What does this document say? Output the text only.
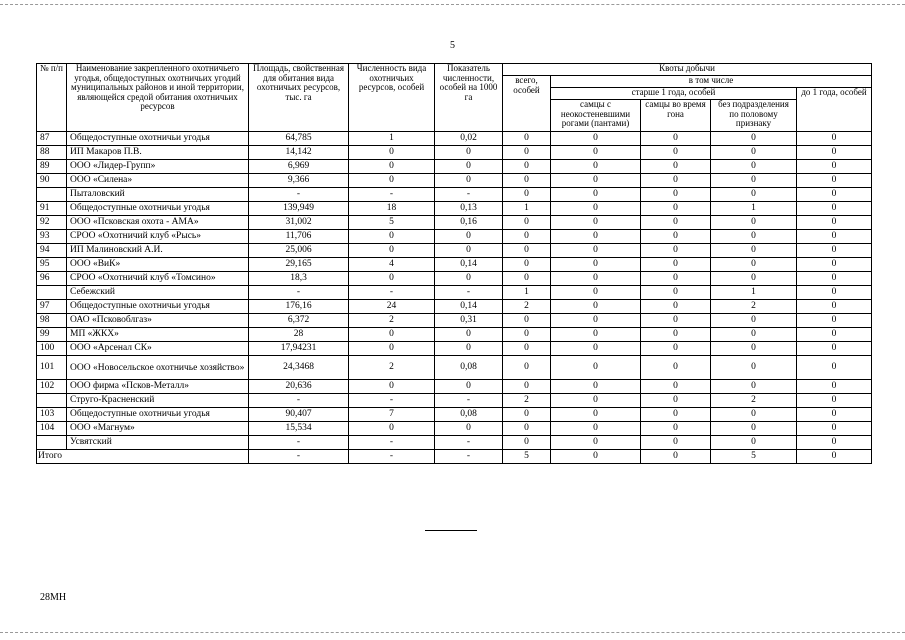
5
№ п/п	Наименование закрепленного охотничьего угодья, общедоступных охотничьих угодий муниципальных районов и иной территории, являющейся средой обитания охотничьих ресурсов	Площадь, свойственная для обитания вида охотничьих ресурсов, тыс. га	Численность вида охотничьих ресурсов, особей	Показатель численности, особей на 1000 га	Квоты добычи				
					всего, особей	в том числе			
						старше 1 года, особей			до 1 года, особей
						самцы с неокостеневшими рогами (пантами)	самцы во время гона	без подразделения по половому признаку	
87	Общедоступные охотничьи угодья	64,785	1	0,02	0	0	0	0	0
88	ИП Макаров П.В.	14,142	0	0	0	0	0	0	0
89	ООО «Лидер-Групп»	6,969	0	0	0	0	0	0	0
90	ООО «Силена»	9,366	0	0	0	0	0	0	0
	Пыталовский	-	-	-	0	0	0	0	0
91	Общедоступные охотничьи угодья	139,949	18	0,13	1	0	0	1	0
92	ООО «Псковская охота - АМА»	31,002	5	0,16	0	0	0	0	0
93	СРОО «Охотничий клуб «Рысь»	11,706	0	0	0	0	0	0	0
94	ИП Малиновский А.И.	25,006	0	0	0	0	0	0	0
95	ООО «ВиК»	29,165	4	0,14	0	0	0	0	0
96	СРОО «Охотничий клуб «Томсино»	18,3	0	0	0	0	0	0	0
	Себежский	-	-	-	1	0	0	1	0
97	Общедоступные охотничьи угодья	176,16	24	0,14	2	0	0	2	0
98	ОАО «Псковоблгаз»	6,372	2	0,31	0	0	0	0	0
99	МП «ЖКХ»	28	0	0	0	0	0	0	0
100	ООО «Арсенал СК»	17,94231	0	0	0	0	0	0	0
101	ООО «Новосельское охотничье хозяйство»	24,3468	2	0,08	0	0	0	0	0
102	ООО фирма «Псков-Металл»	20,636	0	0	0	0	0	0	0
	Струго-Красненский	-	-	-	2	0	0	2	0
103	Общедоступные охотничьи угодья	90,407	7	0,08	0	0	0	0	0
104	ООО «Магнум»	15,534	0	0	0	0	0	0	0
	Усвятский	-	-	-	0	0	0	0	0
Итого		-	-	-	5	0	0	5	0
28МН
